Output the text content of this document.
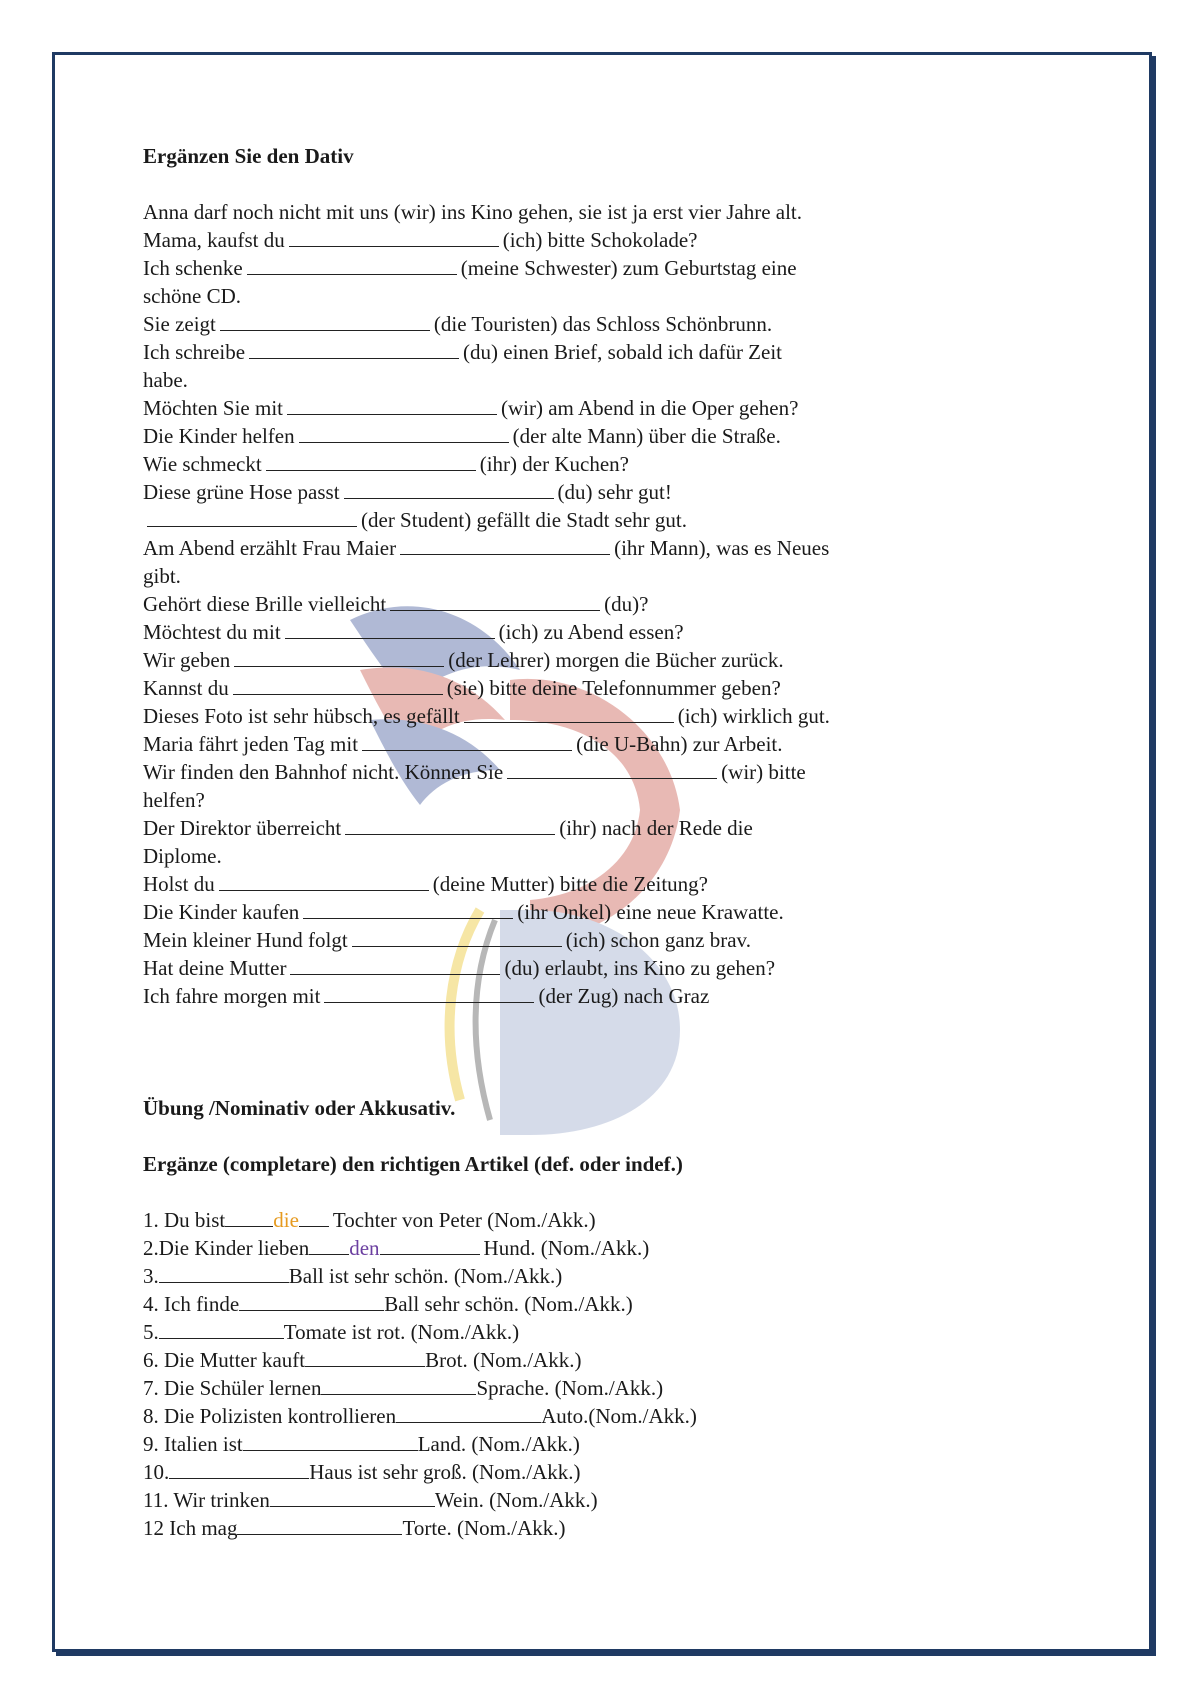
Ergänzen Sie den Dativ
Anna darf noch nicht mit uns (wir) ins Kino gehen, sie ist ja erst vier Jahre alt.
Mama, kaufst du	(ich) bitte Schokolade?
Ich schenke	(meine Schwester) zum Geburtstag eine
schöne CD.
Sie zeigt	(die Touristen) das Schloss Schönbrunn.
Ich schreibe	(du) einen Brief, sobald ich dafür Zeit
habe.
Möchten Sie mit	(wir) am Abend in die Oper gehen?
Die Kinder helfen	(der alte Mann) über die Straße.
Wie schmeckt	(ihr) der Kuchen?
Diese grüne Hose passt	(du) sehr gut!
(der Student) gefällt die Stadt sehr gut.
Am Abend erzählt Frau Maier	(ihr Mann), was es Neues
gibt.
Gehört diese Brille vielleicht	(du)?
Möchtest du mit	(ich) zu Abend essen?
Wir geben	(der Lehrer) morgen die Bücher zurück.
Kannst du	(sie) bitte deine Telefonnummer geben?
Dieses Foto ist sehr hübsch, es gefällt	(ich) wirklich gut.
Maria fährt jeden Tag mit	(die U-Bahn) zur Arbeit.
Wir finden den Bahnhof nicht. Können Sie	(wir) bitte
helfen?
Der Direktor überreicht	(ihr) nach der Rede die
Diplome.
Holst du	(deine Mutter) bitte die Zeitung?
Die Kinder kaufen	(ihr Onkel) eine neue Krawatte.
Mein kleiner Hund folgt	(ich) schon ganz brav.
Hat deine Mutter	(du) erlaubt, ins Kino zu gehen?
Ich fahre morgen mit	(der Zug) nach Graz
Übung /Nominativ oder Akkusativ.
Ergänze (completare) den richtigen Artikel (def. oder indef.)
1. Du bist die Tochter von Peter (Nom./Akk.)
2.Die Kinder lieben den	Hund. (Nom./Akk.)
3.	Ball ist sehr schön. (Nom./Akk.)
4. Ich finde	Ball sehr schön. (Nom./Akk.)
5.	Tomate ist rot. (Nom./Akk.)
6. Die Mutter kauft	Brot. (Nom./Akk.)
7. Die Schüler lernen	Sprache. (Nom./Akk.)
8. Die Polizisten kontrollieren	Auto.(Nom./Akk.)
9. Italien ist	Land. (Nom./Akk.)
10.	Haus ist sehr groß. (Nom./Akk.)
11. Wir trinken	Wein. (Nom./Akk.)
12 Ich mag	Torte. (Nom./Akk.)
